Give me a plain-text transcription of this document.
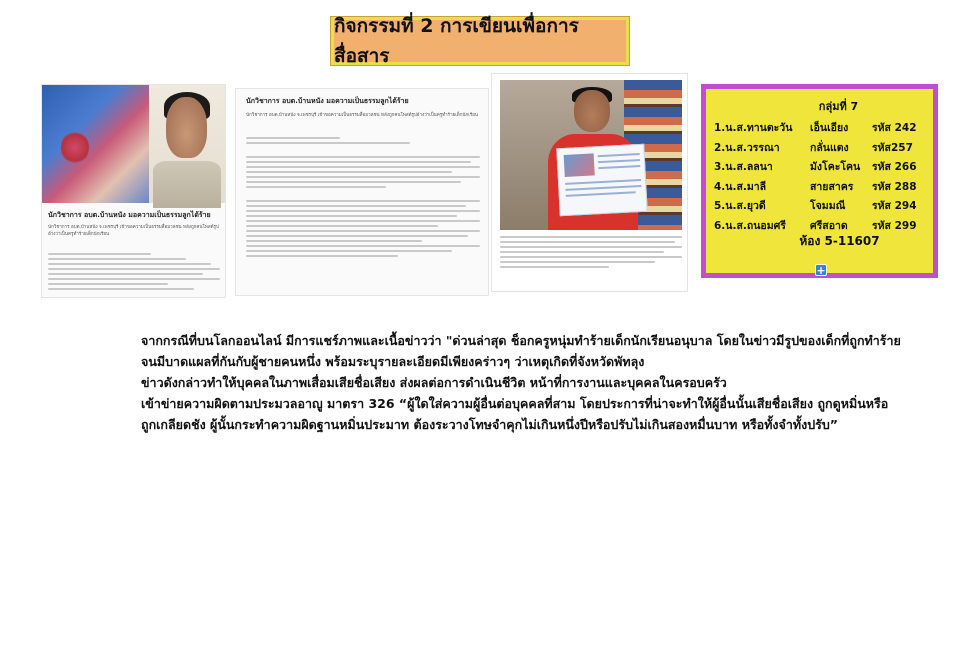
กิจกรรมที่ 2 การเขียนเพื่อการสื่อสาร
นักวิชาการ อบต.บ้านหนัง มอความเป็นธรรมลูกได้ร้าย
นักวิชาการ อบต.บ้านหนัง จ.เพชรบุรี เข้าขอความเป็นธรรมสื่อมวลชน หลังถูกคนโพสต์รูปอ้างว่าเป็นครูทำร้ายเด็กนักเรียน
นักวิชาการ อบต.บ้านหนัง มอความเป็นธรรมลูกได้ร้าย
นักวิชาการ อบต.บ้านหนัง จ.เพชรบุรี เข้าขอความเป็นธรรมสื่อมวลชน หลังถูกคนโพสต์รูปอ้างว่าเป็นครูทำร้ายเด็กนักเรียน
กลุ่มที่ 7
1.น.ส.ทานตะวัน	เอ็นเอียง	รหัส 242
2.น.ส.วรรณา	กลั่นแตง	รหัส257
3.น.ส.ลลนา	มังโคะโคน	รหัส 266
4.น.ส.มาลี	สายสาคร	รหัส 288
5.น.ส.ยุวดี	โจมมณี	รหัส 294
6.น.ส.ถนอมศรี	ศรีสอาด	รหัส 299
ห้อง 5-11607
+

จากกรณีที่บนโลกออนไลน์ มีการแชร์ภาพและเนื้อข่าวว่า "ด่วนล่าสุด ช็อกครูหนุ่มทำร้ายเด็กนักเรียนอนุบาล โดยในข่าวมีรูปของเด็กที่ถูกทำร้ายจนมีบาดแผลที่กันกับผู้ชายคนหนึ่ง พร้อมระบุรายละเอียดมีเพียงคร่าวๆ ว่าเหตุเกิดที่จังหวัดพัทลุง

ข่าวดังกล่าวทำให้บุคคลในภาพเสื่อมเสียชื่อเสียง ส่งผลต่อการดำเนินชีวิต หน้าที่การงานและบุคคลในครอบครัว

เข้าข่ายความผิดตามประมวลอาญู มาตรา 326 “ผู้ใดใส่ความผู้อื่นต่อบุคคลที่สาม โดยประการที่น่าจะทำให้ผู้อื่นนั้นเสียชื่อเสียง ถูกดูหมิ่นหรือ ถูกเกลียดชัง ผู้นั้นกระทำความผิดฐานหมิ่นประมาท ต้องระวางโทษจำคุกไม่เกินหนึ่งปีหรือปรับไม่เกินสองหมื่นบาท หรือทั้งจำทั้งปรับ”
